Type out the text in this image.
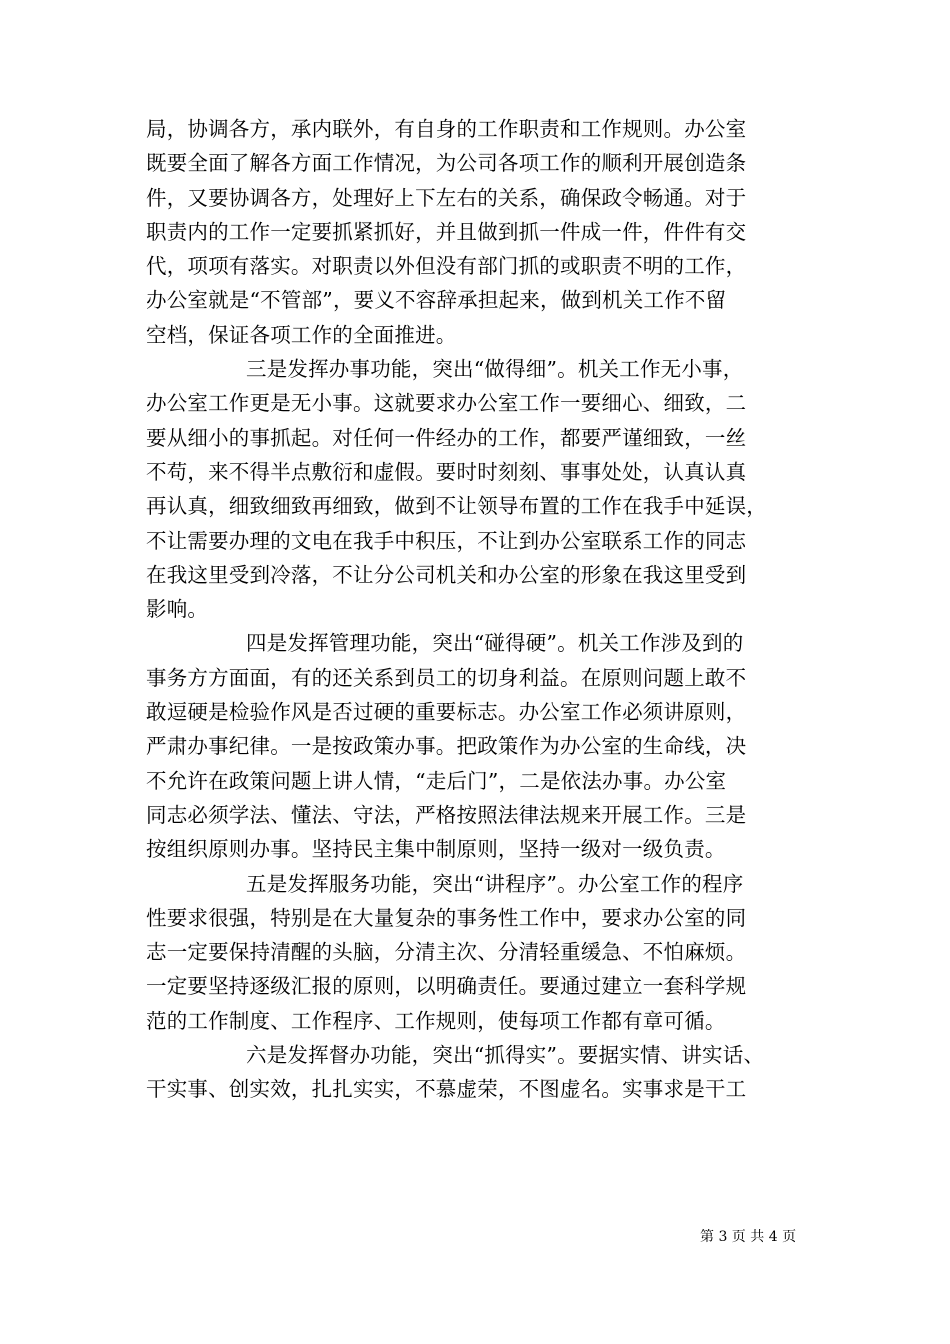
局，协调各方，承内联外，有自身的工作职责和工作规则。办公室
既要全面了解各方面工作情况，为公司各项工作的顺利开展创造条
件，又要协调各方，处理好上下左右的关系，确保政令畅通。对于
职责内的工作一定要抓紧抓好，并且做到抓一件成一件，件件有交
代，项项有落实。对职责以外但没有部门抓的或职责不明的工作，
办公室就是“不管部”，要义不容辞承担起来，做到机关工作不留
空档，保证各项工作的全面推进。
三是发挥办事功能，突出“做得细”。机关工作无小事，
办公室工作更是无小事。这就要求办公室工作一要细心、细致，二
要从细小的事抓起。对任何一件经办的工作，都要严谨细致，一丝
不苟，来不得半点敷衍和虚假。要时时刻刻、事事处处，认真认真
再认真，细致细致再细致，做到不让领导布置的工作在我手中延误，
不让需要办理的文电在我手中积压，不让到办公室联系工作的同志
在我这里受到冷落，不让分公司机关和办公室的形象在我这里受到
影响。
四是发挥管理功能，突出“碰得硬”。机关工作涉及到的
事务方方面面，有的还关系到员工的切身利益。在原则问题上敢不
敢逗硬是检验作风是否过硬的重要标志。办公室工作必须讲原则，
严肃办事纪律。一是按政策办事。把政策作为办公室的生命线，决
不允许在政策问题上讲人情，“走后门”，二是依法办事。办公室
同志必须学法、懂法、守法，严格按照法律法规来开展工作。三是
按组织原则办事。坚持民主集中制原则，坚持一级对一级负责。
五是发挥服务功能，突出“讲程序”。办公室工作的程序
性要求很强，特别是在大量复杂的事务性工作中，要求办公室的同
志一定要保持清醒的头脑，分清主次、分清轻重缓急、不怕麻烦。
一定要坚持逐级汇报的原则，以明确责任。要通过建立一套科学规
范的工作制度、工作程序、工作规则，使每项工作都有章可循。
六是发挥督办功能，突出“抓得实”。要据实情、讲实话、
干实事、创实效，扎扎实实，不慕虚荣，不图虚名。实事求是干工
第 3 页 共 4 页
